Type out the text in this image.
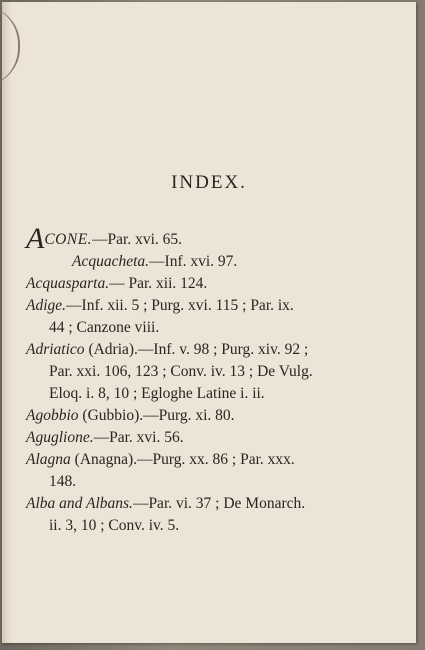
INDEX.

ACONE.—Par. xvi. 65.

Acquacheta.—Inf. xvi. 97.

Acquasparta.— Par. xii. 124.

Adige.—Inf. xii. 5 ; Purg. xvi. 115 ; Par. ix.
44 ; Canzone viii.

Adriatico (Adria).—Inf. v. 98 ; Purg. xiv. 92 ;
Par. xxi. 106, 123 ; Conv. iv. 13 ; De Vulg.
Eloq. i. 8, 10 ; Egloghe Latine i. ii.

Agobbio (Gubbio).—Purg. xi. 80.

Aguglione.—Par. xvi. 56.

Alagna (Anagna).—Purg. xx. 86 ; Par. xxx.
148.

Alba and Albans.—Par. vi. 37 ; De Monarch.
ii. 3, 10 ; Conv. iv. 5.
